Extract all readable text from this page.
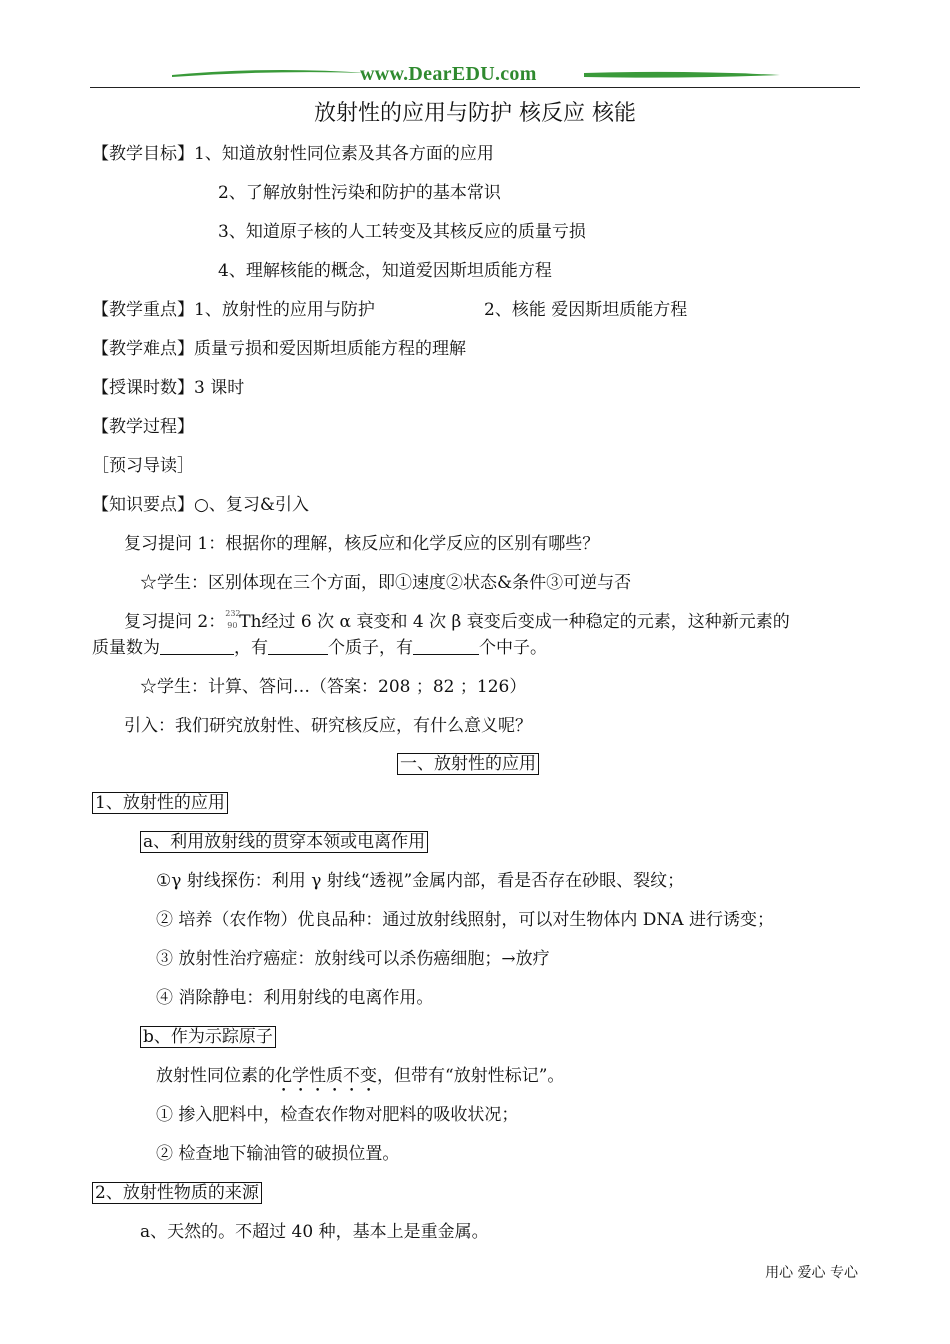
www.DearEDU.com
放射性的应用与防护 核反应 核能
【教学目标】1、知道放射性同位素及其各方面的应用
2、了解放射性污染和防护的基本常识
3、知道原子核的人工转变及其核反应的质量亏损
4、理解核能的概念，知道爱因斯坦质能方程
【教学重点】1、放射性的应用与防护	2、核能 爱因斯坦质能方程
【教学难点】质量亏损和爱因斯坦质能方程的理解
【授课时数】3 课时
【教学过程】
［预习导读］
【知识要点】○、复习&引入
复习提问 1：根据你的理解，核反应和化学反应的区别有哪些？
☆学生：区别体现在三个方面，即①速度②状态&条件③可逆与否
复习提问 2： 232
90 Th经过 6 次 α 衰变和 4 次 β 衰变后变成一种稳定的元素，这种新元素的
质量数为	，有	个质子，有	个中子。
☆学生：计算、答问…（答案：208 ；82 ；126）
引入：我们研究放射性、研究核反应，有什么意义呢？
一、放射性的应用
1、放射性的应用
a、利用放射线的贯穿本领或电离作用
①γ 射线探伤：利用 γ 射线“透视”金属内部，看是否存在砂眼、裂纹；
② 培养（农作物）优良品种：通过放射线照射，可以对生物体内 DNA 进行诱变；
③ 放射性治疗癌症：放射线可以杀伤癌细胞；→放疗
④ 消除静电：利用射线的电离作用。
b、作为示踪原子
放射性同位素的化学性质不变，但带有“放射性标记”。
① 掺入肥料中，检查农作物对肥料的吸收状况；
② 检查地下输油管的破损位置。
2、放射性物质的来源
a、天然的。不超过 40 种，基本上是重金属。
用心 爱心 专心
